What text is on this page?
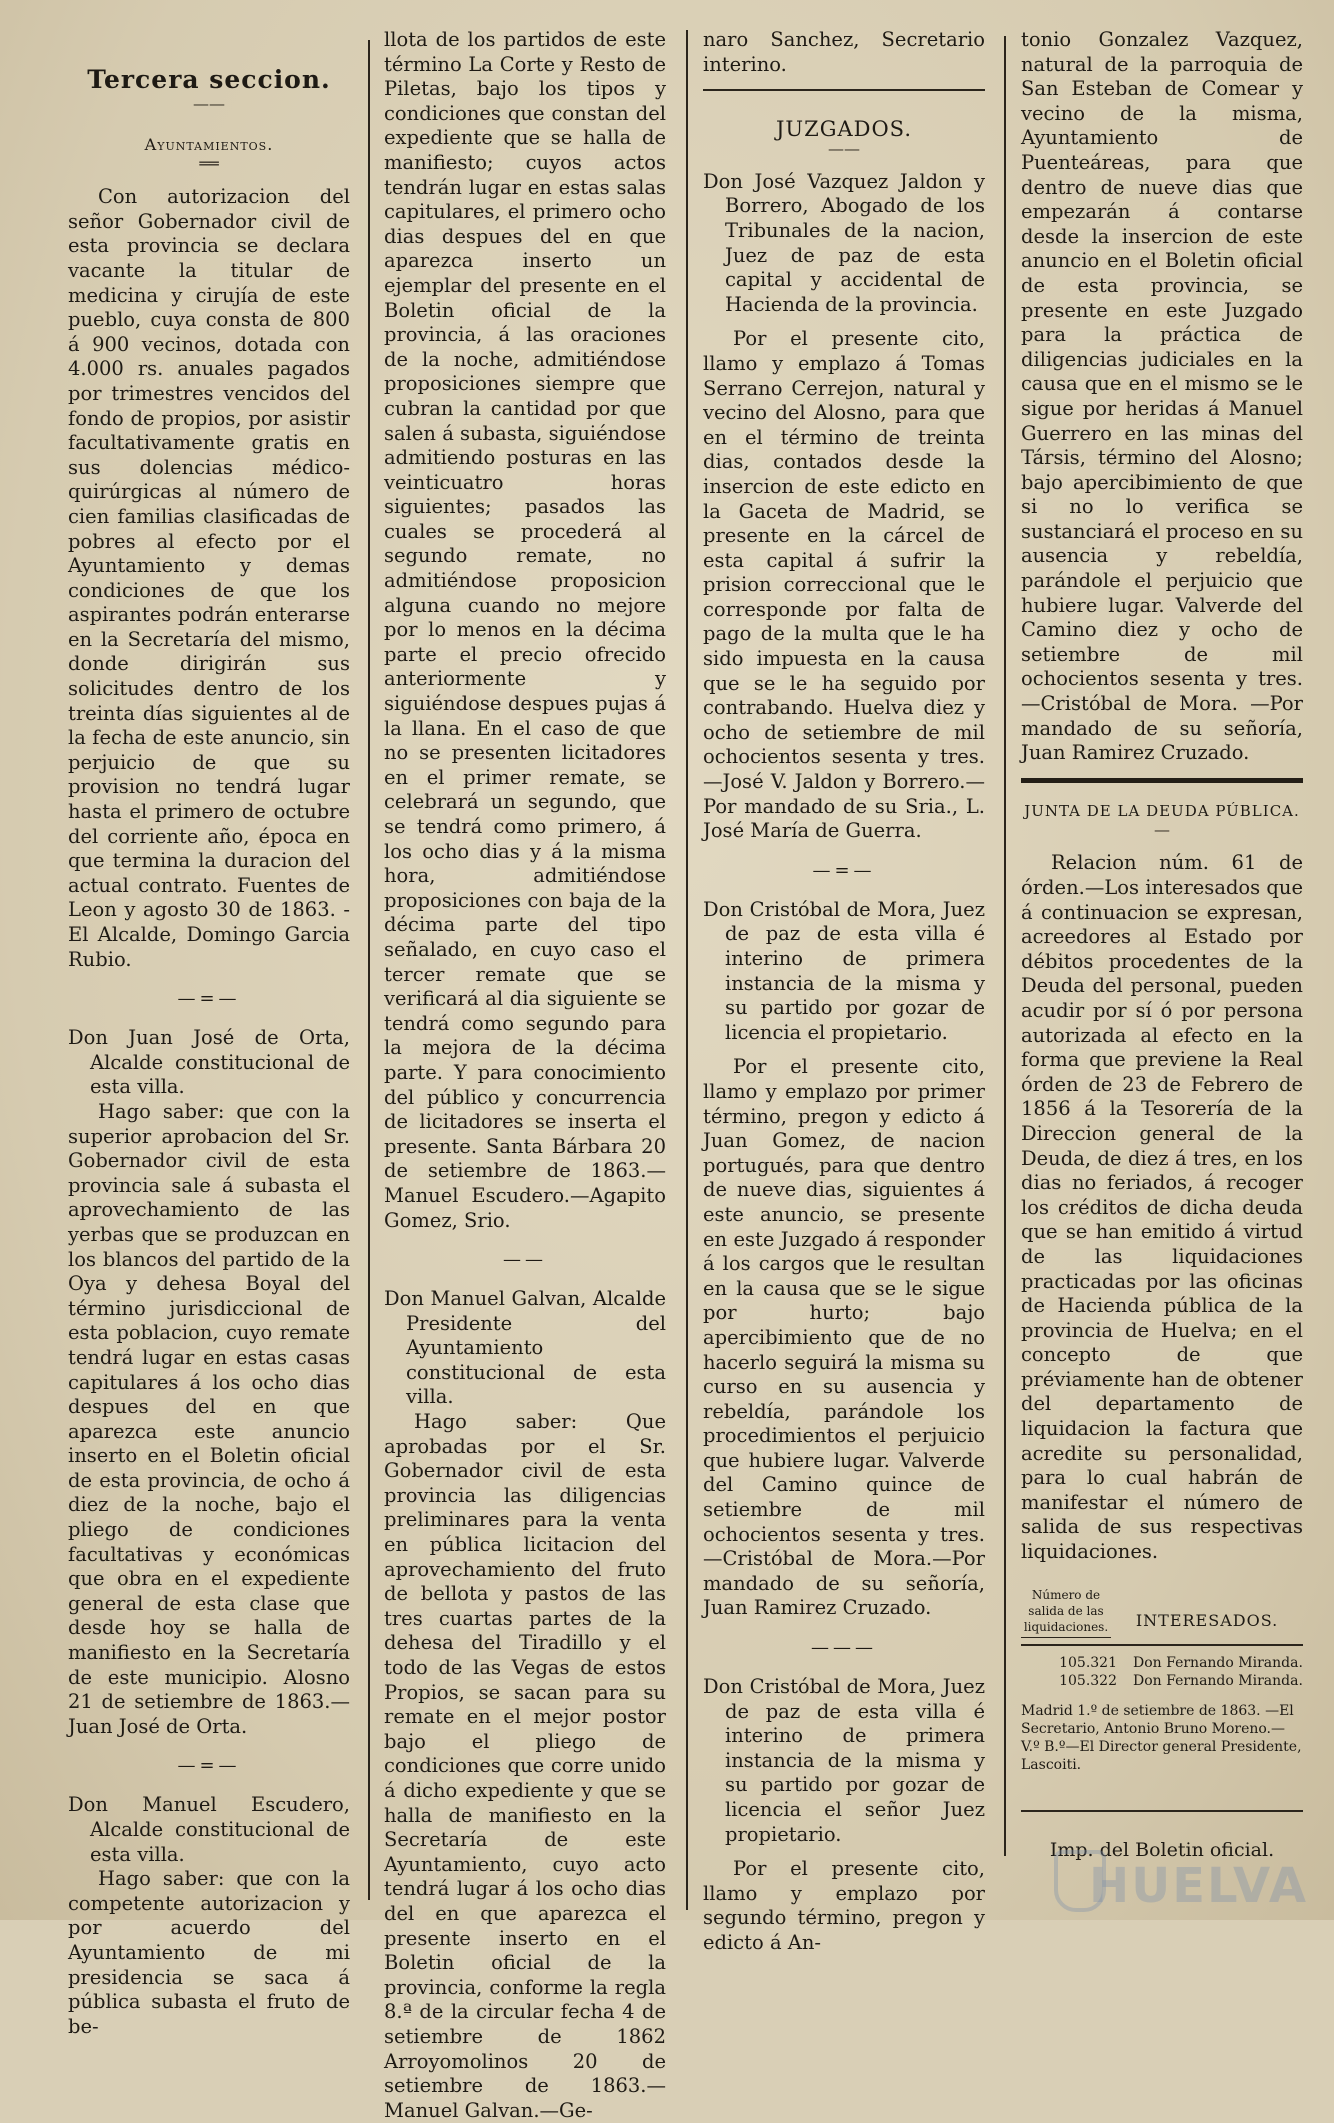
Tercera seccion.
——
Ayuntamientos.
══

Con autorizacion del señor Gobernador civil de esta provincia se declara vacante la titular de medicina y cirujía de este pueblo, cuya consta de 800 á 900 vecinos, dotada con 4.000 rs. anuales pagados por trimestres vencidos del fondo de propios, por asistir facultativamente gratis en sus dolencias médico-quirúrgicas al número de cien familias clasificadas de pobres al efecto por el Ayuntamiento y demas condiciones de que los aspirantes podrán enterarse en la Secretaría del mismo, donde dirigirán sus solicitudes dentro de los treinta días siguientes al de la fecha de este anuncio, sin perjuicio de que su provision no tendrá lugar hasta el primero de octubre del corriente año, época en que termina la duracion del actual contrato. Fuentes de Leon y agosto 30 de 1863. -El Alcalde, Domingo Garcia Rubio.

—=—

Don Juan José de Orta, Alcalde constitucional de esta villa.

Hago saber: que con la superior aprobacion del Sr. Gobernador civil de esta provincia sale á subasta el aprovechamiento de las yerbas que se produzcan en los blancos del partido de la Oya y dehesa Boyal del término jurisdiccional de esta poblacion, cuyo remate tendrá lugar en estas casas capitulares á los ocho dias despues del en que aparezca este anuncio inserto en el Boletin oficial de esta provincia, de ocho á diez de la noche, bajo el pliego de condiciones facultativas y económicas que obra en el expediente general de esta clase que desde hoy se halla de manifiesto en la Secretaría de este municipio. Alosno 21 de setiembre de 1863.—Juan José de Orta.

—=—

Don Manuel Escudero, Alcalde constitucional de esta villa.

Hago saber: que con la competente autorizacion y por acuerdo del Ayuntamiento de mi presidencia se saca á pública subasta el fruto de be-

llota de los partidos de este término La Corte y Resto de Piletas, bajo los tipos y condiciones que constan del expediente que se halla de manifiesto; cuyos actos tendrán lugar en estas salas capitulares, el primero ocho dias despues del en que aparezca inserto un ejemplar del presente en el Boletin oficial de la provincia, á las oraciones de la noche, admitiéndose proposiciones siempre que cubran la cantidad por que salen á subasta, siguiéndose admitiendo posturas en las veinticuatro horas siguientes; pasados las cuales se procederá al segundo remate, no admitiéndose proposicion alguna cuando no mejore por lo menos en la décima parte el precio ofrecido anteriormente y siguiéndose despues pujas á la llana. En el caso de que no se presenten licitadores en el primer remate, se celebrará un segundo, que se tendrá como primero, á los ocho dias y á la misma hora, admitiéndose proposiciones con baja de la décima parte del tipo señalado, en cuyo caso el tercer remate que se verificará al dia siguiente se tendrá como segundo para la mejora de la décima parte. Y para conocimiento del público y concurrencia de licitadores se inserta el presente. Santa Bárbara 20 de setiembre de 1863.—Manuel Escudero.—Agapito Gomez, Srio.

——

Don Manuel Galvan, Alcalde Presidente del Ayuntamiento constitucional de esta villa.

Hago saber: Que aprobadas por el Sr. Gobernador civil de esta provincia las diligencias preliminares para la venta en pública licitacion del aprovechamiento del fruto de bellota y pastos de las tres cuartas partes de la dehesa del Tiradillo y el todo de las Vegas de estos Propios, se sacan para su remate en el mejor postor bajo el pliego de condiciones que corre unido á dicho expediente y que se halla de manifiesto en la Secretaría de este Ayuntamiento, cuyo acto tendrá lugar á los ocho dias del en que aparezca el presente inserto en el Boletin oficial de la provincia, conforme la regla 8.ª de la circular fecha 4 de setiembre de 1862 Arroyomolinos 20 de setiembre de 1863.—Manuel Galvan.—Ge-

naro Sanchez, Secretario interino.

JUZGADOS.
——

Don José Vazquez Jaldon y Borrero, Abogado de los Tribunales de la nacion, Juez de paz de esta capital y accidental de Hacienda de la provincia.

Por el presente cito, llamo y emplazo á Tomas Serrano Cerrejon, natural y vecino del Alosno, para que en el término de treinta dias, contados desde la insercion de este edicto en la Gaceta de Madrid, se presente en la cárcel de esta capital á sufrir la prision correccional que le corresponde por falta de pago de la multa que le ha sido impuesta en la causa que se le ha seguido por contrabando. Huelva diez y ocho de setiembre de mil ochocientos sesenta y tres.—José V. Jaldon y Borrero.—Por mandado de su Sria., L. José María de Guerra.

—=—

Don Cristóbal de Mora, Juez de paz de esta villa é interino de primera instancia de la misma y su partido por gozar de licencia el propietario.

Por el presente cito, llamo y emplazo por primer término, pregon y edicto á Juan Gomez, de nacion portugués, para que dentro de nueve dias, siguientes á este anuncio, se presente en este Juzgado á responder á los cargos que le resultan en la causa que se le sigue por hurto; bajo apercibimiento que de no hacerlo seguirá la misma su curso en su ausencia y rebeldía, parándole los procedimientos el perjuicio que hubiere lugar. Valverde del Camino quince de setiembre de mil ochocientos sesenta y tres.—Cristóbal de Mora.—Por mandado de su señoría, Juan Ramirez Cruzado.

———

Don Cristóbal de Mora, Juez de paz de esta villa é interino de primera instancia de la misma y su partido por gozar de licencia el señor Juez propietario.

Por el presente cito, llamo y emplazo por segundo término, pregon y edicto á An-

tonio Gonzalez Vazquez, natural de la parroquia de San Esteban de Comear y vecino de la misma, Ayuntamiento de Puenteáreas, para que dentro de nueve dias que empezarán á contarse desde la insercion de este anuncio en el Boletin oficial de esta provincia, se presente en este Juzgado para la práctica de diligencias judiciales en la causa que en el mismo se le sigue por heridas á Manuel Guerrero en las minas del Társis, término del Alosno; bajo apercibimiento de que si no lo verifica se sustanciará el proceso en su ausencia y rebeldía, parándole el perjuicio que hubiere lugar. Valverde del Camino diez y ocho de setiembre de mil ochocientos sesenta y tres.—Cristóbal de Mora. —Por mandado de su señoría, Juan Ramirez Cruzado.

JUNTA DE LA DEUDA PÚBLICA.
—

Relacion núm. 61 de órden.—Los interesados que á continuacion se expresan, acreedores al Estado por débitos procedentes de la Deuda del personal, pueden acudir por sí ó por persona autorizada al efecto en la forma que previene la Real órden de 23 de Febrero de 1856 á la Tesorería de la Direccion general de la Deuda, de diez á tres, en los dias no feriados, á recoger los créditos de dicha deuda que se han emitido á virtud de las liquidaciones practicadas por las oficinas de Hacienda pública de la provincia de Huelva; en el concepto de que préviamente han de obtener del departamento de liquidacion la factura que acredite su personalidad, para lo cual habrán de manifestar el número de salida de sus respectivas liquidaciones.

Número de salida de las liquidaciones.	INTERESADOS.
105.321	Don Fernando Miranda.
105.322	Don Fernando Miranda.

Madrid 1.º de setiembre de 1863. —El Secretario, Antonio Bruno Moreno.—V.º B.º—El Director general Presidente, Lascoiti.

Imp. del Boletin oficial.
HUELVA
